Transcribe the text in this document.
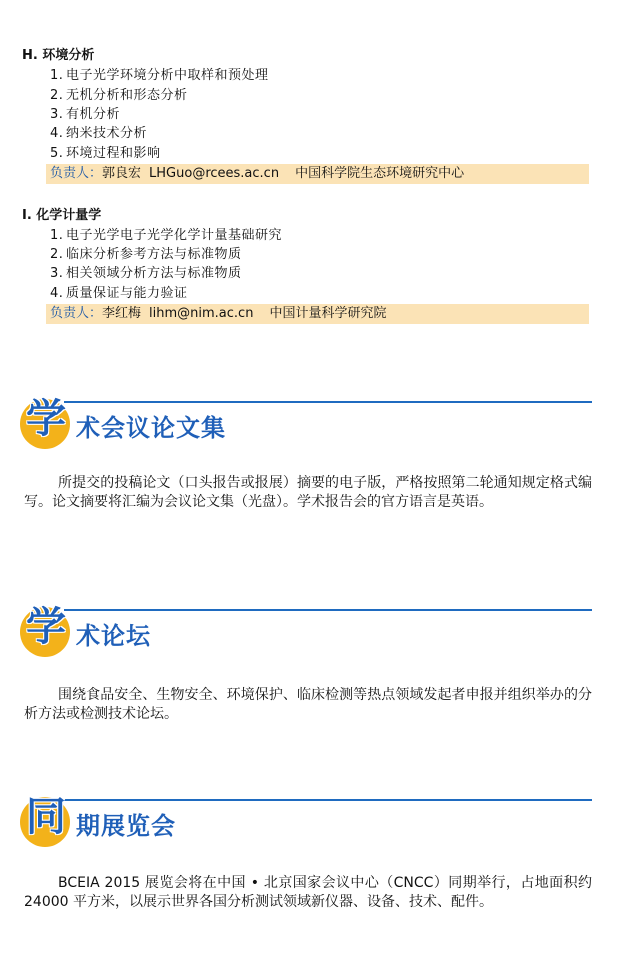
H. 环境分析
1. 电子光学环境分析中取样和预处理
2. 无机分析和形态分析
3. 有机分析
4. 纳米技术分析
5. 环境过程和影响
负责人：郭良宏 LHGuo@rcees.ac.cn 中国科学院生态环境研究中心
I. 化学计量学
1. 电子光学电子光学化学计量基础研究
2. 临床分析参考方法与标准物质
3. 相关领域分析方法与标准物质
4. 质量保证与能力验证
负责人：李红梅 lihm@nim.ac.cn 中国计量科学研究院
学 术会议论文集
所提交的投稿论文（口头报告或报展）摘要的电子版，严格按照第二轮通知规定格式编写。论文摘要将汇编为会议论文集（光盘）。学术报告会的官方语言是英语。
学 术论坛
围绕食品安全、生物安全、环境保护、临床检测等热点领域发起者申报并组织举办的分析方法或检测技术论坛。
同 期展览会
BCEIA 2015 展览会将在中国 • 北京国家会议中心（CNCC）同期举行，占地面积约 24000 平方米，以展示世界各国分析测试领域新仪器、设备、技术、配件。
